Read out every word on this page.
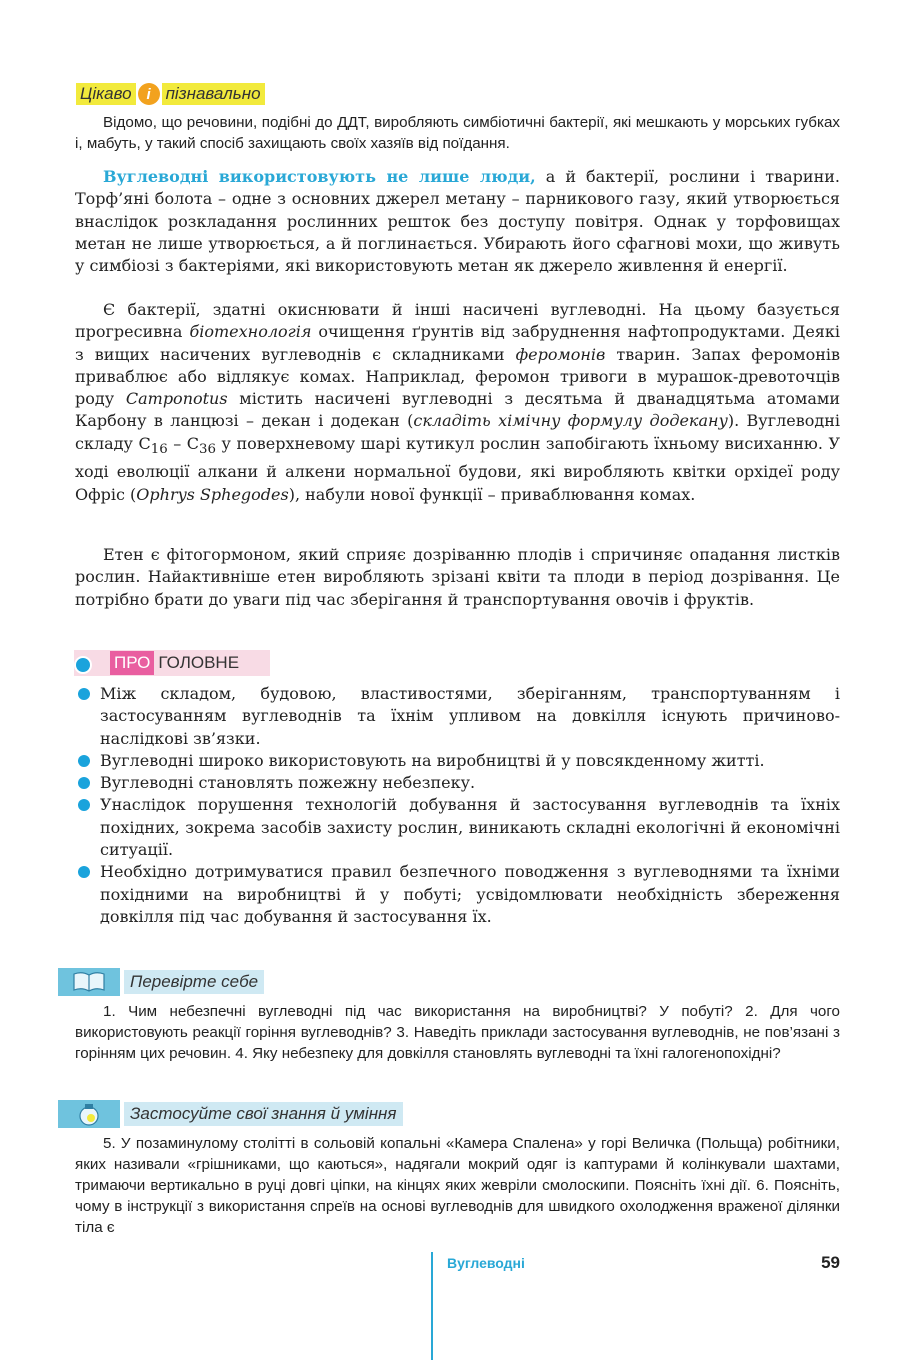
Цікаво і пізнавально

Відомо, що речовини, подібні до ДДТ, виробляють симбіотичні бактерії, які мешкають у морських губках і, мабуть, у такий спосіб захищають своїх хазяїв від поїдання.

Вуглеводні використовують не лише люди, а й бактерії, рослини і тварини. Торф’яні болота – одне з основних джерел метану – парникового газу, який утворюється внаслідок розкладання рослинних решток без доступу повітря. Однак у торфовищах метан не лише утворюється, а й поглинається. Убирають його сфагнові мохи, що живуть у симбіозі з бактеріями, які використовують метан як джерело живлення й енергії.

Є бактерії, здатні окиснювати й інші насичені вуглеводні. На цьому базується прогресивна біотехнологія очищення ґрунтів від забруднення нафтопродуктами. Деякі з вищих насичених вуглеводнів є складниками феромонів тварин. Запах феромонів приваблює або відлякує комах. Наприклад, феромон тривоги в мурашок-древоточців роду Camponotus містить насичені вуглеводні з десятьма й дванадцятьма атомами Карбону в ланцюзі – декан і додекан (складіть хімічну формулу додекану). Вуглеводні складу $С_{16} - С_{36}$ у поверхневому шарі кутикул рослин запобігають їхньому висиханню. У ході еволюції алкани й алкени нормальної будови, які виробляють квітки орхідеї роду Офріс (Ophrys Sphegodes), набули нової функції – приваблювання комах.

Етен є фітогормоном, який сприяє дозріванню плодів і спричиняє опадання листків рослин. Найактивніше етен виробляють зрізані квіти та плоди в період дозрівання. Це потрібно брати до уваги під час зберігання й транспортування овочів і фруктів.

ПРО ГОЛОВНЕ
Між складом, будовою, властивостями, зберіганням, транспортуванням і застосуванням вуглеводнів та їхнім упливом на довкілля існують причиново-наслідкові зв’язки.
Вуглеводні широко використовують на виробництві й у повсякденному житті.
Вуглеводні становлять пожежну небезпеку.
Унаслідок порушення технологій добування й застосування вуглеводнів та їхніх похідних, зокрема засобів захисту рослин, виникають складні екологічні й економічні ситуації.
Необхідно дотримуватися правил безпечного поводження з вуглеводнями та їхніми похідними на виробництві й у побуті; усвідомлювати необхідність збереження довкілля під час добування й застосування їх.
Перевірте себе

1. Чим небезпечні вуглеводні під час використання на виробництві? У побуті? 2. Для чого використовують реакції горіння вуглеводнів? 3. Наведіть приклади застосування вуглеводнів, не пов’язані з горінням цих речовин. 4. Яку небезпеку для довкілля становлять вуглеводні та їхні галогенопохідні?

Застосуйте свої знання й уміння

5. У позаминулому столітті в сольовій копальні «Камера Спалена» у горі Величка (Польща) робітники, яких називали «грішниками, що каються», надягали мокрий одяг із каптурами й колінкували шахтами, тримаючи вертикально в руці довгі ціпки, на кінцях яких жевріли смолоскипи. Поясніть їхні дії. 6. Поясніть, чому в інструкції з використання спреїв на основі вуглеводнів для швидкого охолодження враженої ділянки тіла є

Вуглеводні	59
